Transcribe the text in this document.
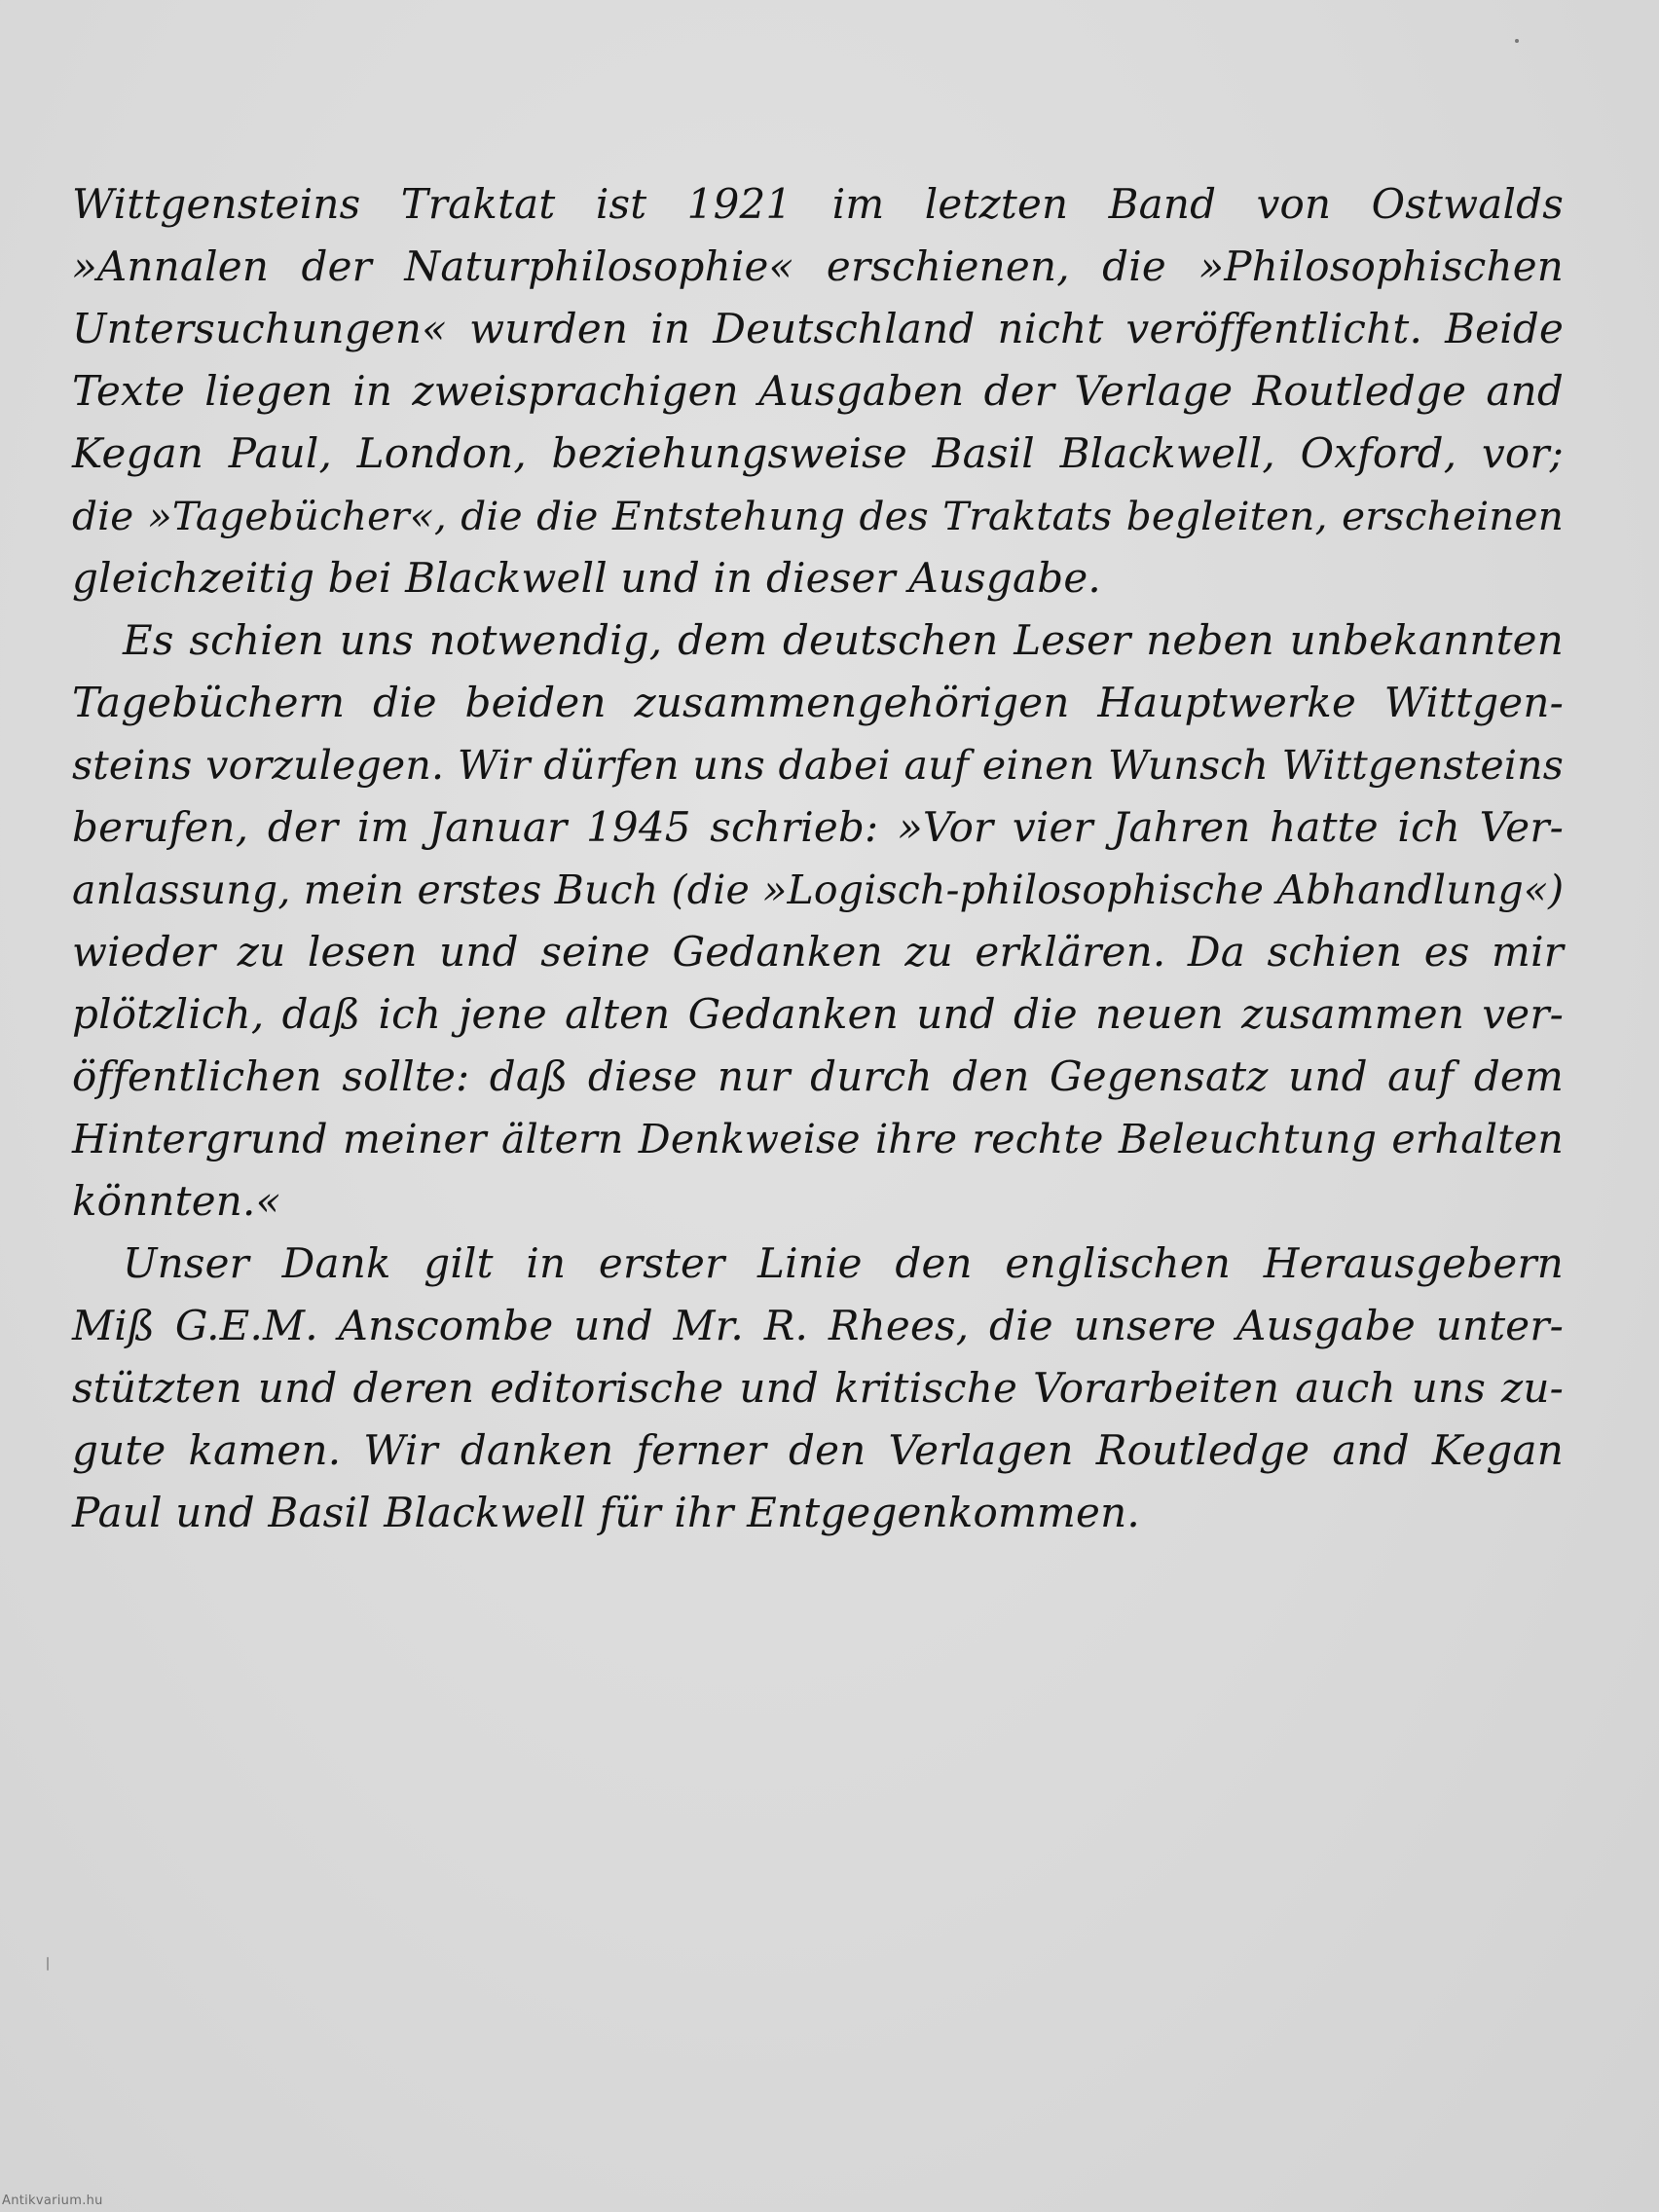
Wittgensteins Traktat ist 1921 im letzten Band von Ostwalds
»Annalen der Naturphilosophie« erschienen, die »Philosophischen
Untersuchungen« wurden in Deutschland nicht veröffentlicht. Beide
Texte liegen in zweisprachigen Ausgaben der Verlage Routledge and
Kegan Paul, London, beziehungsweise Basil Blackwell, Oxford, vor;
die »Tagebücher«, die die Entstehung des Traktats begleiten, erscheinen
gleichzeitig bei Blackwell und in dieser Ausgabe.
Es schien uns notwendig, dem deutschen Leser neben unbekannten
Tagebüchern die beiden zusammengehörigen Hauptwerke Wittgen-
steins vorzulegen. Wir dürfen uns dabei auf einen Wunsch Wittgensteins
berufen, der im Januar 1945 schrieb: »Vor vier Jahren hatte ich Ver-
anlassung, mein erstes Buch (die »Logisch-philosophische Abhandlung«)
wieder zu lesen und seine Gedanken zu erklären. Da schien es mir
plötzlich, daß ich jene alten Gedanken und die neuen zusammen ver-
öffentlichen sollte: daß diese nur durch den Gegensatz und auf dem
Hintergrund meiner ältern Denkweise ihre rechte Beleuchtung erhalten
könnten.«
Unser Dank gilt in erster Linie den englischen Herausgebern
Miß G.E.M. Anscombe und Mr. R. Rhees, die unsere Ausgabe unter-
stützten und deren editorische und kritische Vorarbeiten auch uns zu-
gute kamen. Wir danken ferner den Verlagen Routledge and Kegan
Paul und Basil Blackwell für ihr Entgegenkommen.
Antikvarium.hu
